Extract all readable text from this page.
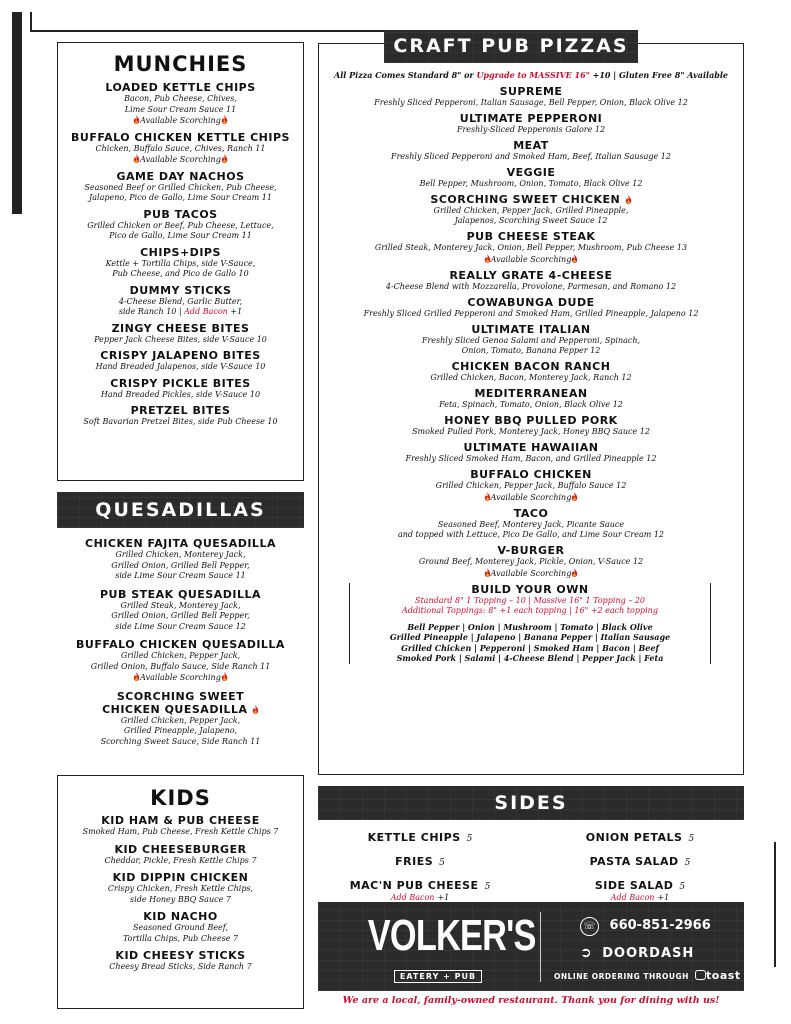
MUNCHIES
LOADED KETTLE CHIPS
Bacon, Pub Cheese, Chives,
Lime Sour Cream Sauce 11
Available Scorching
BUFFALO CHICKEN KETTLE CHIPS
Chicken, Buffalo Sauce, Chives, Ranch 11
Available Scorching
GAME DAY NACHOS
Seasoned Beef or Grilled Chicken, Pub Cheese,
Jalapeno, Pico de Gallo, Lime Sour Cream 11
PUB TACOS
Grilled Chicken or Beef, Pub Cheese, Lettuce,
Pico de Gallo, Lime Sour Cream 11
CHIPS+DIPS
Kettle + Tortilla Chips, side V-Sauce,
Pub Cheese, and Pico de Gallo 10
DUMMY STICKS
4-Cheese Blend, Garlic Butter,
side Ranch 10 | Add Bacon +1
ZINGY CHEESE BITES
Pepper Jack Cheese Bites, side V-Sauce 10
CRISPY JALAPENO BITES
Hand Breaded Jalapenos, side V-Sauce 10
CRISPY PICKLE BITES
Hand Breaded Pickles, side V-Sauce 10
PRETZEL BITES
Soft Bavarian Pretzel Bites, side Pub Cheese 10
QUESADILLAS
CHICKEN FAJITA QUESADILLA
Grilled Chicken, Monterey Jack,
Grilled Onion, Grilled Bell Pepper,
side Lime Sour Cream Sauce 11
PUB STEAK QUESADILLA
Grilled Steak, Monterey Jack,
Grilled Onion, Grilled Bell Pepper,
side Lime Sour Cream Sauce 12
BUFFALO CHICKEN QUESADILLA
Grilled Chicken, Pepper Jack,
Grilled Onion, Buffalo Sauce, Side Ranch 11
Available Scorching
SCORCHING SWEET
CHICKEN QUESADILLA
Grilled Chicken, Pepper Jack,
Grilled Pineapple, Jalapeno,
Scorching Sweet Sauce, Side Ranch 11
KIDS
KID HAM & PUB CHEESE
Smoked Ham, Pub Cheese, Fresh Kettle Chips 7
KID CHEESEBURGER
Cheddar, Pickle, Fresh Kettle Chips 7
KID DIPPIN CHICKEN
Crispy Chicken, Fresh Kettle Chips,
side Honey BBQ Sauce 7
KID NACHO
Seasoned Ground Beef,
Tortilla Chips, Pub Cheese 7
KID CHEESY STICKS
Cheesy Bread Sticks, Side Ranch 7
All Pizza Comes Standard 8" or Upgrade to MASSIVE 16" +10 | Gluten Free 8" Available
SUPREME
Freshly Sliced Pepperoni, Italian Sausage, Bell Pepper, Onion, Black Olive 12
ULTIMATE PEPPERONI
Freshly-Sliced Pepperonis Galore 12
MEAT
Freshly Sliced Pepperoni and Smoked Ham, Beef, Italian Sausage 12
VEGGIE
Bell Pepper, Mushroom, Onion, Tomato, Black Olive 12
SCORCHING SWEET CHICKEN
Grilled Chicken, Pepper Jack, Grilled Pineapple,
Jalapenos, Scorching Sweet Sauce 12
PUB CHEESE STEAK
Grilled Steak, Monterey Jack, Onion, Bell Pepper, Mushroom, Pub Cheese 13
Available Scorching
REALLY GRATE 4-CHEESE
4-Cheese Blend with Mozzarella, Provolone, Parmesan, and Romano 12
COWABUNGA DUDE
Freshly Sliced Grilled Pepperoni and Smoked Ham, Grilled Pineapple, Jalapeno 12
ULTIMATE ITALIAN
Freshly Sliced Genoa Salami and Pepperoni, Spinach,
Onion, Tomato, Banana Pepper 12
CHICKEN BACON RANCH
Grilled Chicken, Bacon, Monterey Jack, Ranch 12
MEDITERRANEAN
Feta, Spinach, Tomato, Onion, Black Olive 12
HONEY BBQ PULLED PORK
Smoked Pulled Pork, Monterey Jack, Honey BBQ Sauce 12
ULTIMATE HAWAIIAN
Freshly Sliced Smoked Ham, Bacon, and Grilled Pineapple 12
BUFFALO CHICKEN
Grilled Chicken, Pepper Jack, Buffalo Sauce 12
Available Scorching
TACO
Seasoned Beef, Monterey Jack, Picante Sauce
and topped with Lettuce, Pico De Gallo, and Lime Sour Cream 12
V-BURGER
Ground Beef, Monterey Jack, Pickle, Onion, V-Sauce 12
Available Scorching
BUILD YOUR OWN
Standard 8" 1 Topping – 10 | Massive 16" 1 Topping – 20
Additional Toppings: 8" +1 each topping | 16" +2 each topping
Bell Pepper | Onion | Mushroom | Tomato | Black Olive
Grilled Pineapple | Jalapeno | Banana Pepper | Italian Sausage
Grilled Chicken | Pepperoni | Smoked Ham | Bacon | Beef
Smoked Pork | Salami | 4-Cheese Blend | Pepper Jack | Feta
CRAFT PUB PIZZAS
SIDES
KETTLE CHIPS 5
FRIES 5
MAC'N PUB CHEESE 5
Add Bacon +1
ONION PETALS 5
PASTA SALAD 5
SIDE SALAD 5
Add Bacon +1
VOLKER'S
EATERY + PUB
☏ 660-851-2966
➲ DOORDASH
ONLINE ORDERING THROUGH toast
We are a local, family-owned restaurant. Thank you for dining with us!
